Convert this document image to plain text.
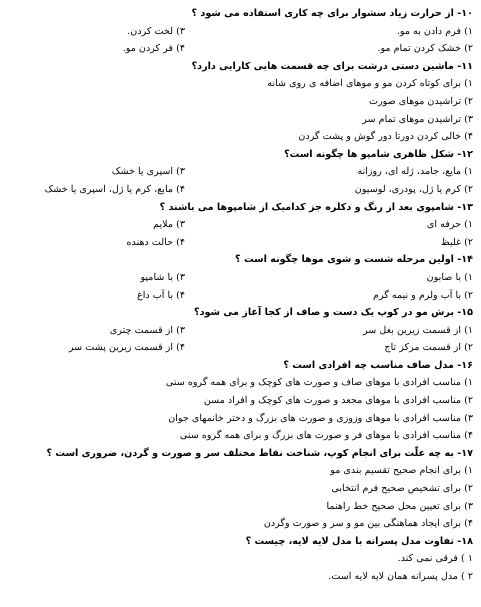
۱۰- از حرارت زیاد سشوار برای چه کاری استفاده می شود ؟
۱) فرم دادن به مو.
۳) لخت کردن.
۲) خشک کردن تمام مو.
۴) فر کردن مو.
۱۱- ماشین دستی درشت برای چه قسمت هایی کارایی دارد؟
۱) برای کوتاه کردن مو و موهای اضافه ی روی شانه
۲) تراشیدن موهای صورت
۳) تراشیدن موهای تمام سر
۴) خالی کردن دورتا دور گوش و پشت گردن
۱۲- شکل ظاهری شامپو ها چگونه است؟
۱) مایع، جامد، ژله ای، روزانه
۳) اسپری یا خشک
۲) کرم یا ژل، پودری، لوسیون
۴) مایع، کرم یا ژل، اسپری یا خشک
۱۳- شامپوی بعد از رنگ و دکلره جز کدامیک از شامپوها می باشند ؟
۱) حرفه ای
۳) ملایم
۲) غلیظ
۴) حالت دهنده
۱۴- اولین مرحله شست و شوی موها چگونه است ؟
۱) با صابون
۳) با شامپو
۲) با آب ولرم و نیمه گرم
۴) با آب داغ
۱۵- برش مو در کوپ یک دست و صاف از کجا آغاز می شود؟
۱) از قسمت زیرین بغل سر
۳) از قسمت چتری
۲) از قسمت مرکز تاج
۴) از قسمت زیرین پشت سر
۱۶- مدل صاف مناسب چه افرادی است ؟
۱) مناسب افرادی با موهای صاف و صورت های کوچک و برای همه گروه سنی
۲) مناسب افرادی با موهای مجعد و صورت های کوچک و افراد مسن
۳) مناسب افرادی با موهای وزوزی و صورت های بزرگ و دختر خانمهای جوان
۴) مناسب افرادی با موهای فر و صورت های بزرگ و برای همه گروه سنی
۱۷- به چه علّت برای انجام کوپ، شناخت نقاط مختلف سر و صورت و گردن، ضروری است ؟
۱) برای انجام صحیح تقسیم بندی مو
۲) برای تشخیص صحیح فرم انتخابی
۳) برای تعیین محل صحیح خط راهنما
۴) برای ایجاد هماهنگی بین مو و سر و صورت وگردن
۱۸- تفاوت مدل پسرانه با مدل لایه لایه، چیست ؟
۱ ) فرقی نمی کند.
۲ ) مدل پسرانه همان لایه لایه است.
